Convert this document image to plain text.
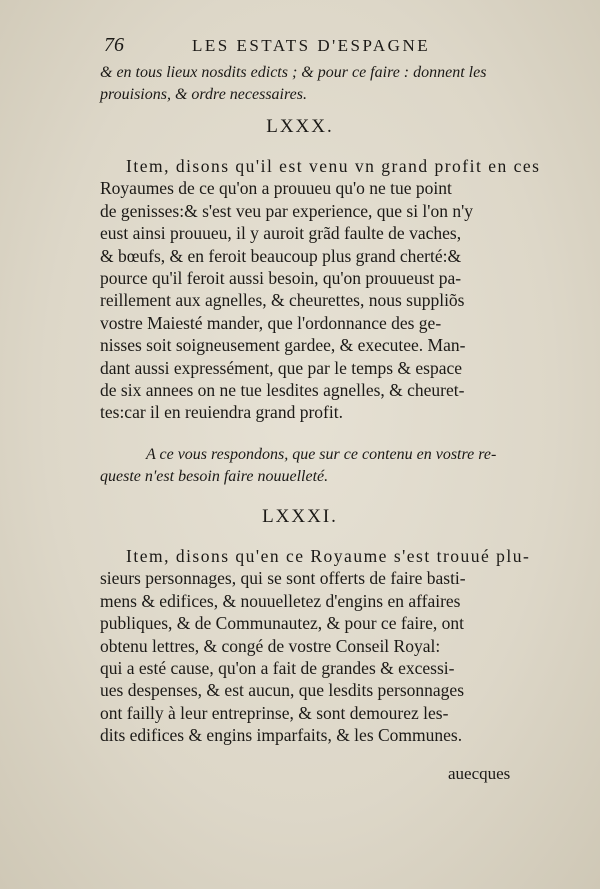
76	LES ESTATS D'ESPAGNE
& en tous lieux nosdits edicts ; & pour ce faire : donnent les
prouisions, & ordre necessaires.
LXXX.
Item, disons qu'il est venu vn grand profit en ces
Royaumes de ce qu'on a prouueu qu'o ne tue point
de genisses:& s'est veu par experience, que si l'on n'y
eust ainsi prouueu, il y auroit grãd faulte de vaches,
& bœufs, & en feroit beaucoup plus grand cherté:&
pource qu'il feroit aussi besoin, qu'on prouueust pa-
reillement aux agnelles, & cheurettes, nous suppliõs
vostre Maiesté mander, que l'ordonnance des ge-
nisses soit soigneusement gardee, & executee. Man-
dant aussi expressément, que par le temps & espace
de six annees on ne tue lesdites agnelles, & cheuret-
tes:car il en reuiendra grand profit.
A ce vous respondons, que sur ce contenu en vostre re-
queste n'est besoin faire nouuelleté.
LXXXI.
Item, disons qu'en ce Royaume s'est trouué plu-
sieurs personnages, qui se sont offerts de faire basti-
mens & edifices, & nouuelletez d'engins en affaires
publiques, & de Communautez, & pour ce faire, ont
obtenu lettres, & congé de vostre Conseil Royal:
qui a esté cause, qu'on a fait de grandes & excessi-
ues despenses, & est aucun, que lesdits personnages
ont failly à leur entreprinse, & sont demourez les-
dits edifices & engins imparfaits, & les Communes.
auecques
